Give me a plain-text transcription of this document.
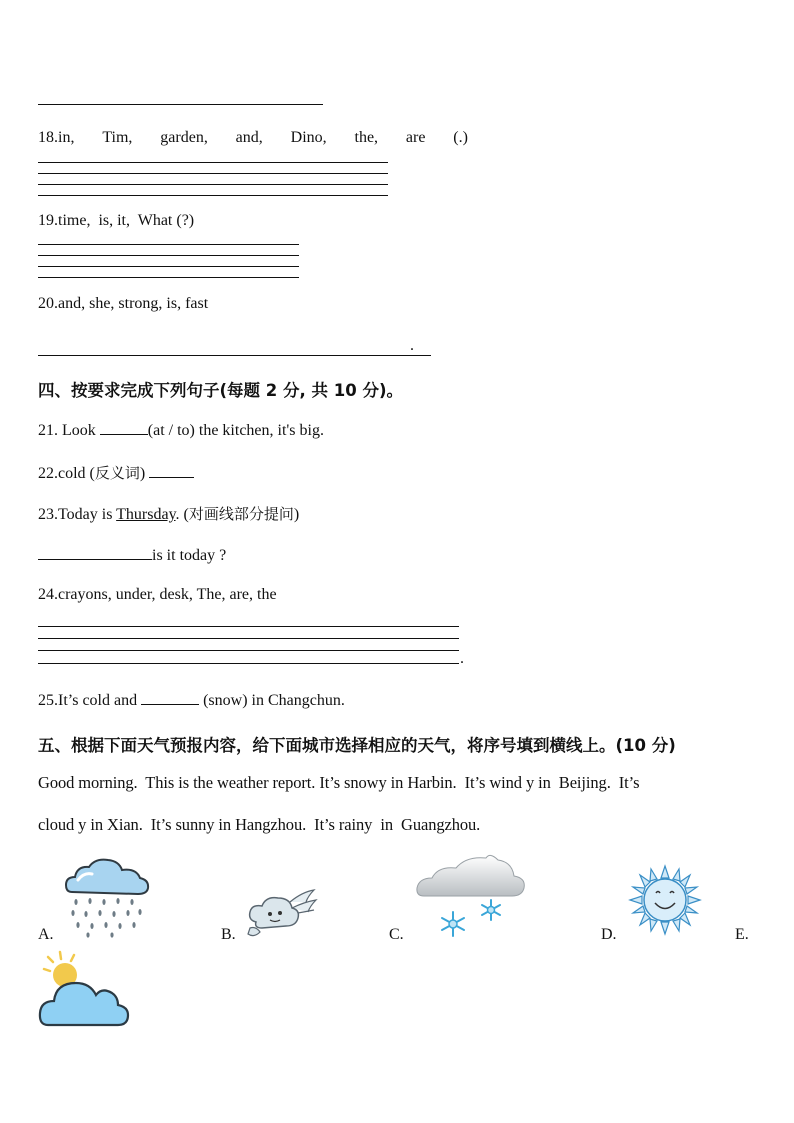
18.in, Tim, garden, and, Dino, the, are (.)
19.time,  is, it,  What (?)
20.and, she, strong, is, fast
.
四、按要求完成下列句子(每题 2 分, 共 10 分)。
21. Look	(at / to) the kitchen, it's big.
22.cold (反义词)
23.Today is Thursday. (对画线部分提问)
is it today ?
24.crayons, under, desk, The, are, the
.
25.It’s cold and	(snow) in Changchun.
五、根据下面天气预报内容，给下面城市选择相应的天气，将序号填到横线上。(10 分)
Good morning.  This is the weather report. It’s snowy in Harbin.  It’s wind y in  Beijing.  It’s
cloud y in Xian.  It’s sunny in Hangzhou.  It’s rainy  in  Guangzhou.
A.	B.	C.	D.	E.
